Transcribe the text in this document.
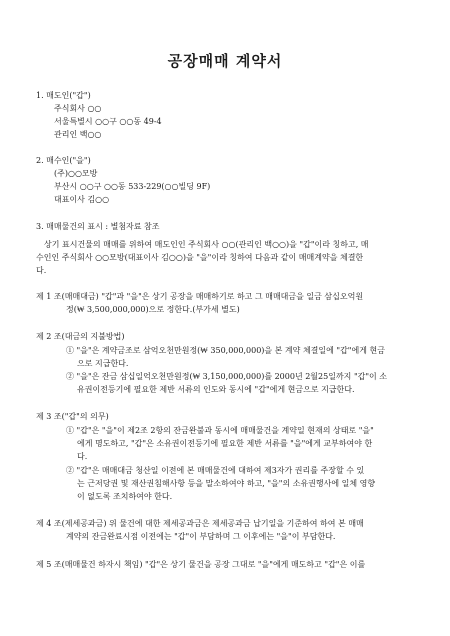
공장매매 계약서
1. 매도인("갑")
주식회사 ○○
서울특별시 ○○구 ○○동 49-4
관리인 백○○
2. 매수인("을")
(주)○○모방
부산시 ○○구 ○○동 533-229(○○빌딩 9F)
대표이사 김○○
3. 매매물건의 표시 : 별첨자료 참조
상기 표시건물의 매매를 위하여 매도인인 주식회사 ○○(관리인 백○○)을 "갑"이라 칭하고, 매
수인인 주식회사 ○○모방(대표이사 김○○)을 "을"이라 칭하여 다음과 같이 매매계약을 체결한
다.
제 1 조(매매대금) "갑"과 "을"은 상기 공장을 매매하기로 하고 그 매매대금을 일금 삼십오억원
정(₩ 3,500,000,000)으로 정한다.(부가세 별도)
제 2 조(대금의 지불방법)
① "을"은 계약금조로 삼억오천만원정(₩ 350,000,000)을 본 계약 체결일에 "갑"에게 현금
으로 지급한다.
② "을"은 잔금 삼십일억오천만원정(₩ 3,150,000,000)를 2000년 2월25일까지 "갑"이 소
유권이전등기에 필요한 제반 서류의 인도와 동시에 "갑"에게 현금으로 지급한다.
제 3 조("갑"의 의무)
① "갑"은 "을"이 제2조 2항의 잔금완불과 동시에 매매물건을 계약일 현재의 상태로 "을"
에게 명도하고, "갑"은 소유권이전등기에 필요한 제반 서류를 "을"에게 교부하여야 한
다.
② "갑"은 매매대금 청산일 이전에 본 매매물건에 대하여 제3자가 권리를 주장할 수 있
는 근저당권 및 재산권침해사항 등을 말소하여야 하고, "을"의 소유권행사에 일체 영향
이 없도록 조치하여야 한다.
제 4 조(제세공과금) 위 물건에 대한 제세공과금은 제세공과금 납기일을 기준하여 하여 본 매매
계약의 잔금완료시점 이전에는 "갑"이 부담하며 그 이후에는 "을"이 부담한다.
제 5 조(매매물건 하자시 책임) "갑"은 상기 물건을 공장 그대로 "을"에게 매도하고 "갑"은 이를
